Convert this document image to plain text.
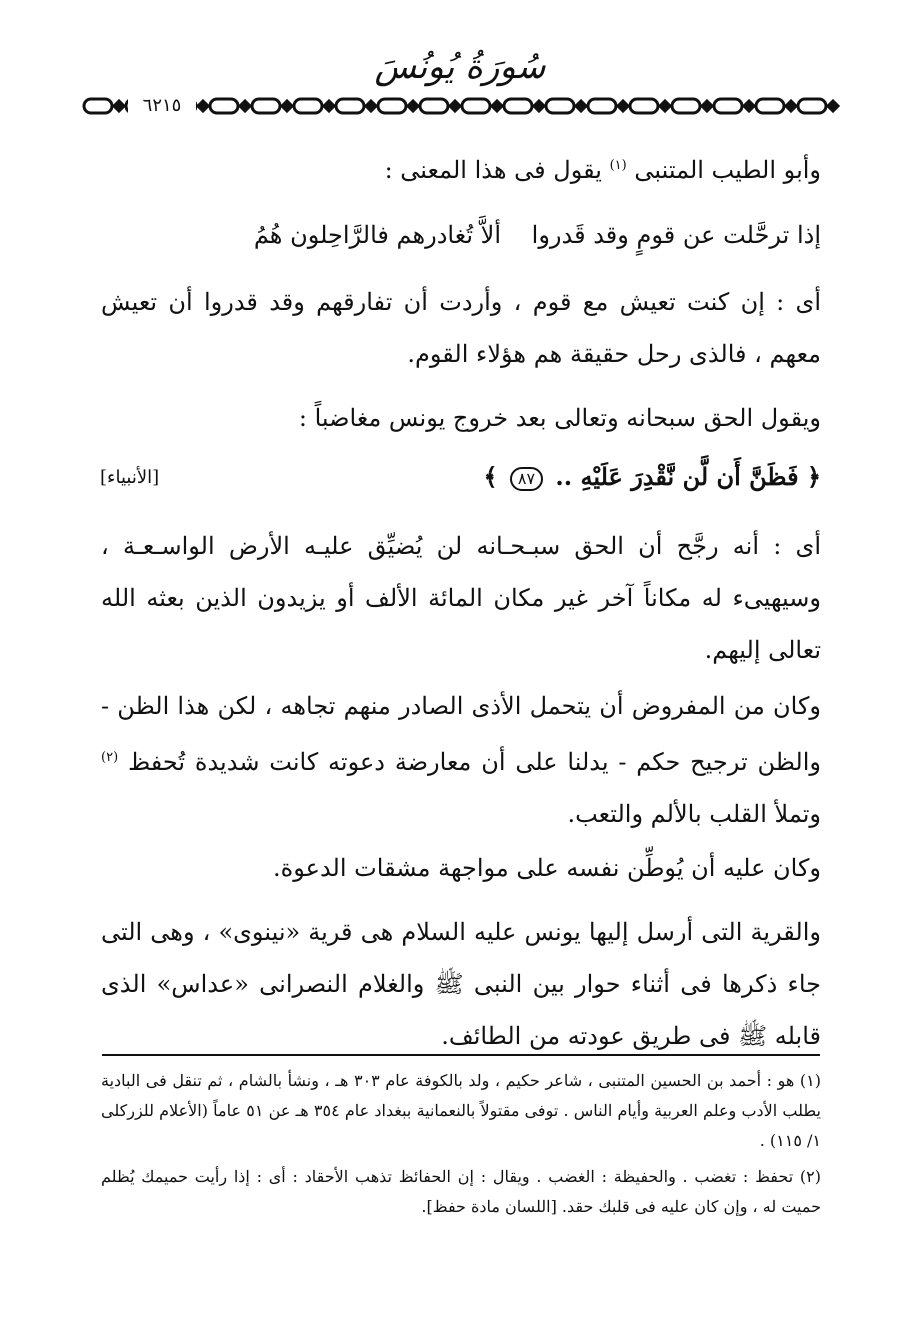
سُورَةُ يُونُسَ
٦٢١٥

وأبو الطيب المتنبى $^{(١)}$ يقول فى هذا المعنى :

إذا ترحَّلت عن قومٍ وقد قَدروا
ألاَّ تُغادرهم فالرَّاحِلون هُمُ

أى : إن كنت تعيش مع قوم ، وأردت أن تفارقهم وقد قدروا أن تعيش معهم ، فالذى رحل حقيقة هم هؤلاء القوم.

ويقول الحق سبحانه وتعالى بعد خروج يونس مغاضباً :

﴿ فَظَنَّ أَن لَّن نَّقْدِرَ عَلَيْهِ .. ٨٧ ﴾
[الأنبياء]

أى : أنه رجَّح أن الحق سبـحـانه لن يُضيِّق عليـه الأرض الواسـعـة ، وسيهيىء له مكاناً آخر غير مكان المائة الألف أو يزيدون الذين بعثه الله تعالى إليهم.

وكان من المفروض أن يتحمل الأذى الصادر منهم تجاهه ، لكن هذا الظن - والظن ترجيح حكم - يدلنا على أن معارضة دعوته كانت شديدة تُحفظ $^{(٢)}$ وتملأ القلب بالألم والتعب.

وكان عليه أن يُوطِّن نفسه على مواجهة مشقات الدعوة.

والقرية التى أرسل إليها يونس عليه السلام هى قرية «نينوى» ، وهى التى جاء ذكرها فى أثناء حوار بين النبى ﷺ والغلام النصرانى «عداس» الذى قابله ﷺ فى طريق عودته من الطائف.

(١) هو : أحمد بن الحسين المتنبى ، شاعر حكيم ، ولد بالكوفة عام ٣٠٣ هـ ، ونشأ بالشام ، ثم تنقل فى البادية يطلب الأدب وعلم العربية وأيام الناس . توفى مقتولاً بالنعمانية ببغداد عام ٣٥٤ هـ عن ٥١ عاماً (الأعلام للزركلى ١/ ١١٥) .

(٢) تحفظ : تغضب . والحفيظة : الغضب . ويقال : إن الحفائظ تذهب الأحقاد : أى : إذا رأيت حميمك يُظلم حميت له ، وإن كان عليه فى قلبك حقد. [اللسان مادة حفظ].
